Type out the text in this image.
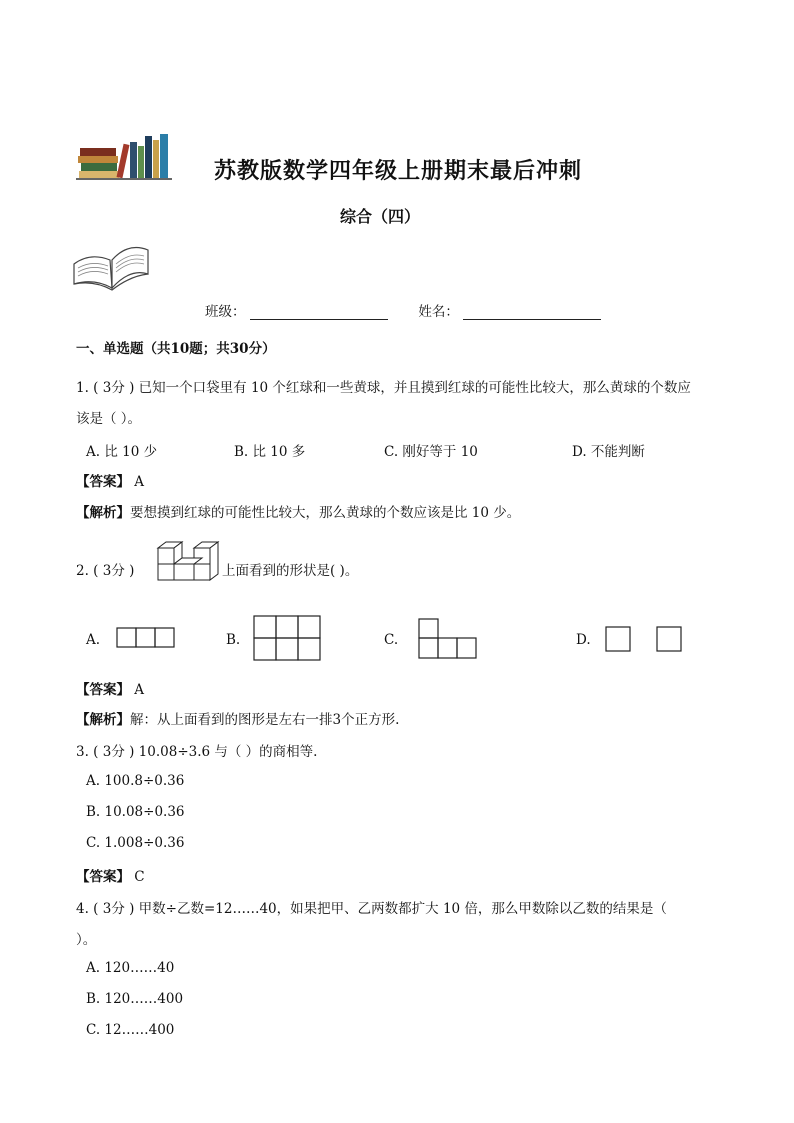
苏教版数学四年级上册期末最后冲刺
综合（四）
班级：	姓名：
一、单选题（共10题；共30分）
1. ( 3分 ) 已知一个口袋里有 10 个红球和一些黄球，并且摸到红球的可能性比较大，那么黄球的个数应
该是（ ）。
A. 比 10 少	B. 比 10 多	C. 刚好等于 10	D. 不能判断
【答案】 A
【解析】要想摸到红球的可能性比较大，那么黄球的个数应该是比 10 少。
2. ( 3分 )	上面看到的形状是( )。
A.	B.	C.	D.
【答案】 A
【解析】解：从上面看到的图形是左右一排3个正方形.
3. ( 3分 ) 10.08÷3.6 与（ ）的商相等.
A. 100.8÷0.36
B. 10.08÷0.36
C. 1.008÷0.36
【答案】 C
4. ( 3分 ) 甲数÷乙数=12……40，如果把甲、乙两数都扩大 10 倍，那么甲数除以乙数的结果是（
）。
A. 120……40
B. 120……400
C. 12……400
